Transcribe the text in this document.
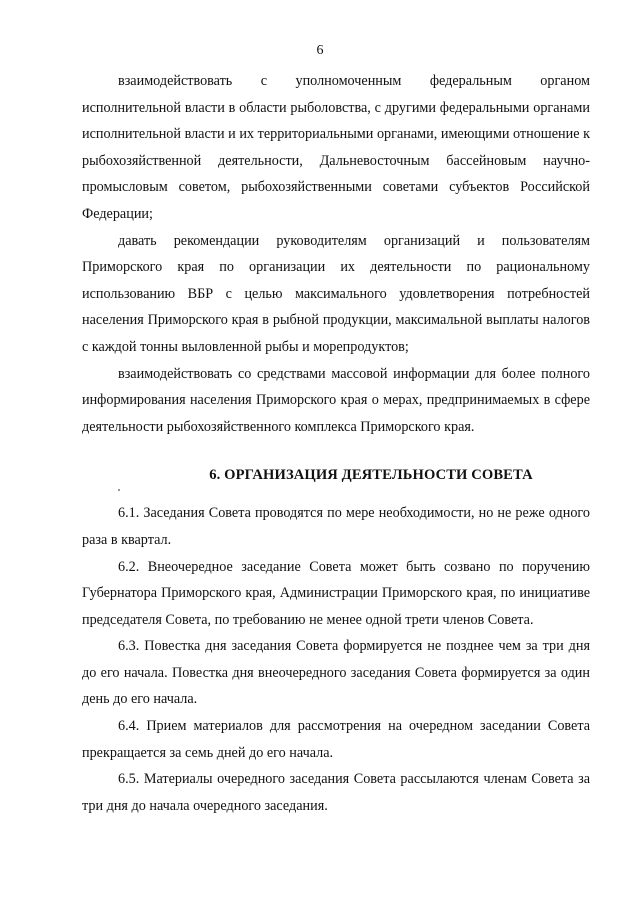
6

взаимодействовать с уполномоченным федеральным органом исполнительной власти в области рыболовства, с другими федеральными органами исполнительной власти и их территориальными органами, имеющими отношение к рыбохозяйственной деятельности, Дальневосточным бассейновым научно-промысловым советом, рыбохозяйственными советами субъектов Российской Федерации;

давать рекомендации руководителям организаций и пользователям Приморского края по организации их деятельности по рациональному использованию ВБР с целью максимального удовлетворения потребностей населения Приморского края в рыбной продукции, максимальной выплаты налогов с каждой тонны выловленной рыбы и морепродуктов;

взаимодействовать со средствами массовой информации для более полного информирования населения Приморского края о мерах, предпринимаемых в сфере деятельности рыбохозяйственного комплекса Приморского края.

6. ОРГАНИЗАЦИЯ ДЕЯТЕЛЬНОСТИ СОВЕТА

6.1. Заседания Совета проводятся по мере необходимости, но не реже одного раза в квартал.

6.2. Внеочередное заседание Совета может быть созвано по поручению Губернатора Приморского края, Администрации Приморского края, по инициативе председателя Совета, по требованию не менее одной трети членов Совета.

6.3. Повестка дня заседания Совета формируется не позднее чем за три дня до его начала. Повестка дня внеочередного заседания Совета формируется за один день до его начала.

6.4. Прием материалов для рассмотрения на очередном заседании Совета прекращается за семь дней до его начала.

6.5. Материалы очередного заседания Совета рассылаются членам Совета за три дня до начала очередного заседания.
